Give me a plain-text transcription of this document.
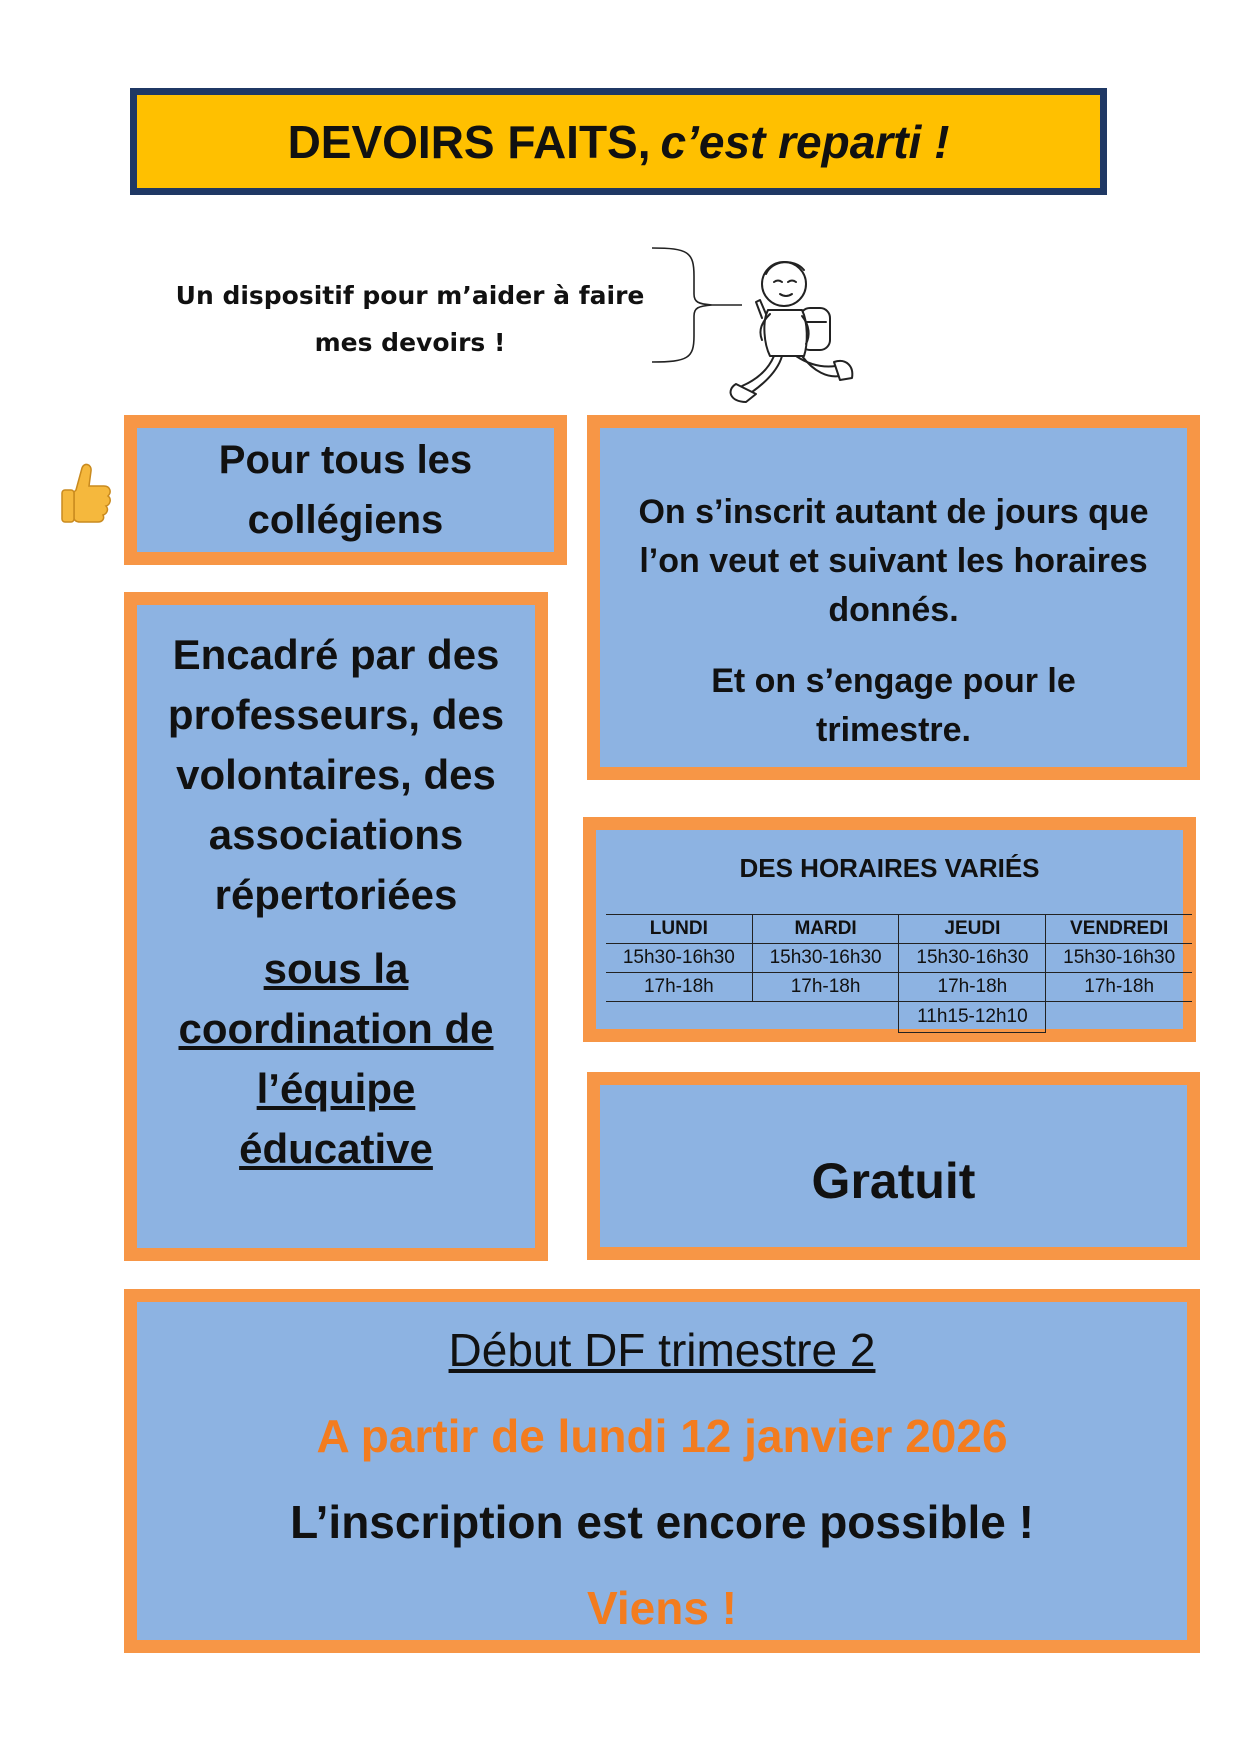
DEVOIRS FAITS, c’est reparti !
Un dispositif pour m’aider à faire
mes devoirs !
Pour tous les
collégiens
Encadré par des
professeurs, des
volontaires, des
associations
répertoriées
sous la
coordination de
l’équipe
éducative

On s’inscrit autant de jours que l’on veut et suivant les horaires donnés.

Et on s’engage pour le trimestre.

DES HORAIRES VARIÉS
LUNDI	MARDI	JEUDI	VENDREDI
15h30-16h30	15h30-16h30	15h30-16h30	15h30-16h30
17h-18h	17h-18h	17h-18h	17h-18h
		11h15-12h10	
Gratuit
Début DF trimestre 2
A partir de lundi 12 janvier 2026
L’inscription est encore possible !
Viens !
